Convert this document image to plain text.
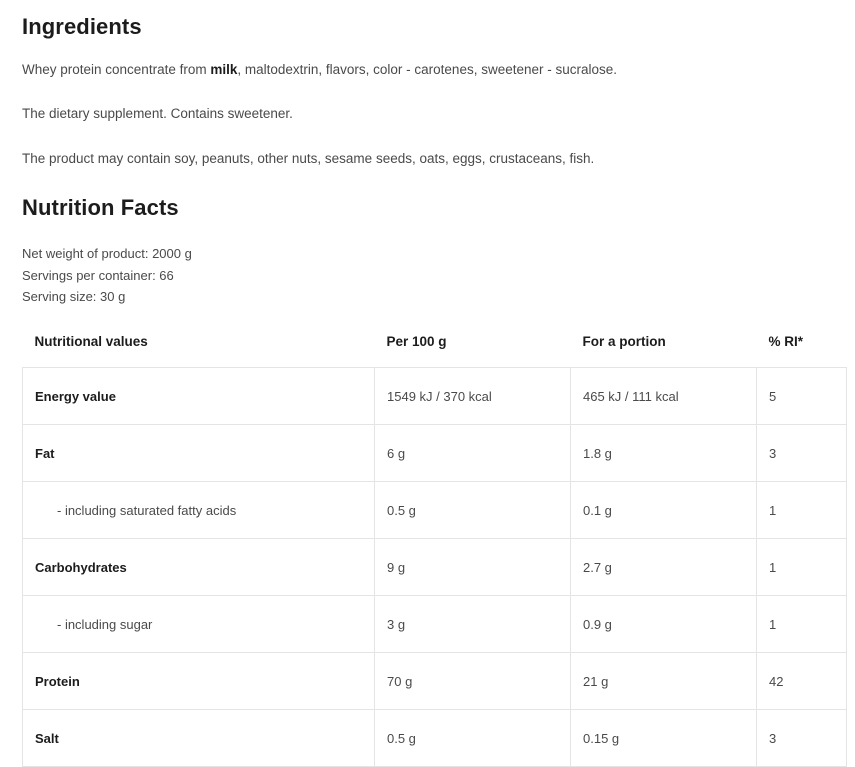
Ingredients

Whey protein concentrate from milk, maltodextrin, flavors, color - carotenes, sweetener - sucralose.

The dietary supplement. Contains sweetener.

The product may contain soy, peanuts, other nuts, sesame seeds, oats, eggs, crustaceans, fish.

Nutrition Facts
Net weight of product: 2000 g
Servings per container: 66
Serving size: 30 g
Nutritional values	Per 100 g	For a portion	% RI*
Energy value	1549 kJ / 370 kcal	465 kJ / 111 kcal	5
Fat	6 g	1.8 g	3
- including saturated fatty acids	0.5 g	0.1 g	1
Carbohydrates	9 g	2.7 g	1
- including sugar	3 g	0.9 g	1
Protein	70 g	21 g	42
Salt	0.5 g	0.15 g	3
